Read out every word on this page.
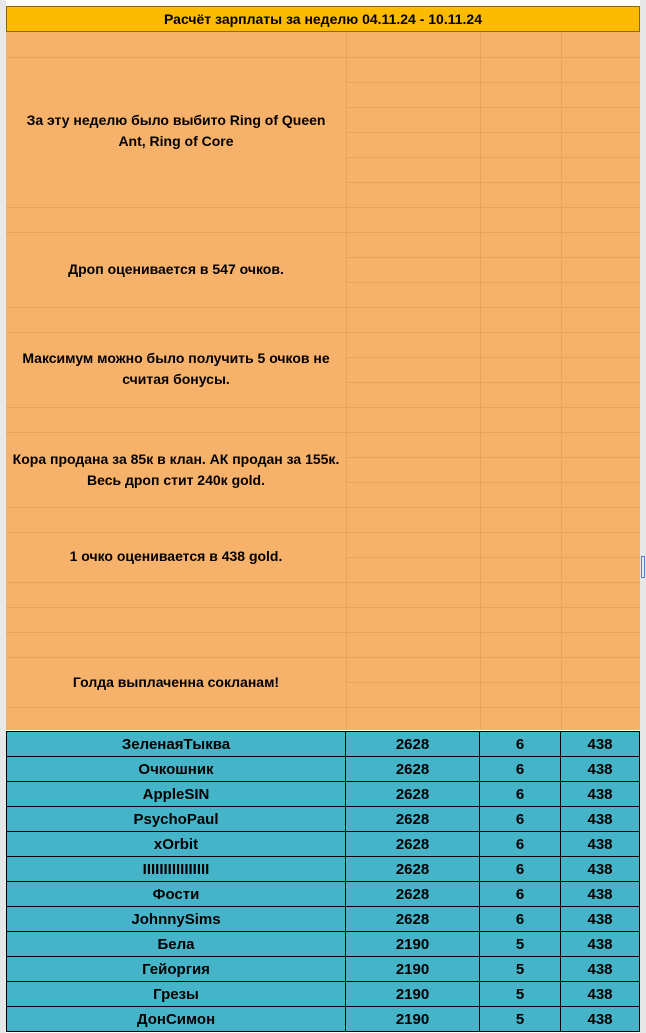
Расчёт зарплаты за неделю 04.11.24 - 10.11.24
За эту неделю было выбито Ring of Queen Ant, Ring of Core
Дроп оценивается в 547 очков.
Максимум можно было получить 5 очков не считая бонусы.
Кора продана за 85к в клан. АК продан за 155к. Весь дроп стит 240к gold.
1 очко оценивается в 438 gold.
Голда выплаченна сокланам!
ЗеленаяТыква	2628	6	438
Очкошник	2628	6	438
AppleSIN	2628	6	438
PsychoPaul	2628	6	438
xOrbit	2628	6	438
IIIIIIIIIIIIIIII	2628	6	438
Фости	2628	6	438
JohnnySims	2628	6	438
Бела	2190	5	438
Гейоргия	2190	5	438
Грезы	2190	5	438
ДонСимон	2190	5	438
